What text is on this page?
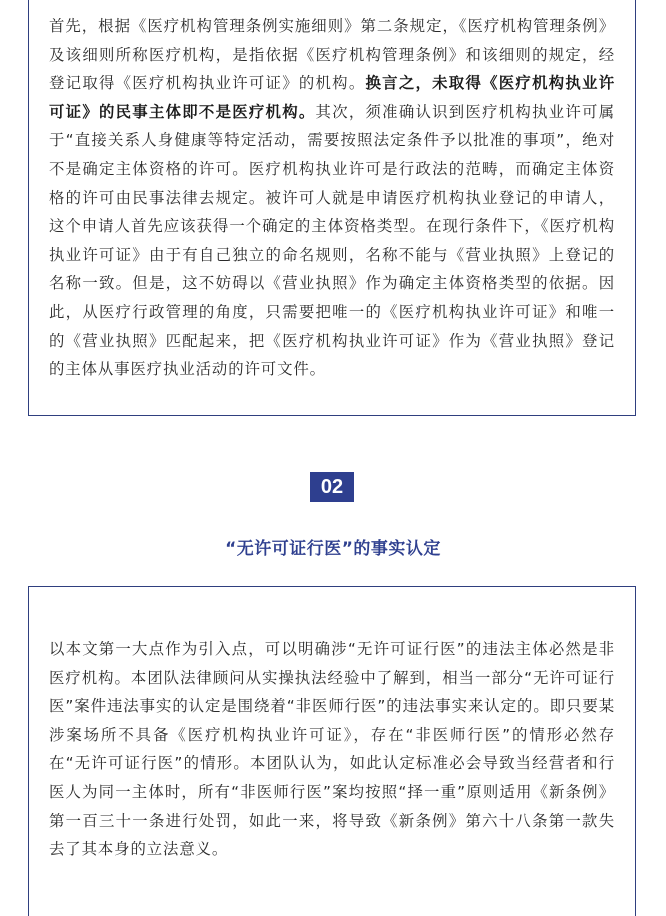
首先，根据《医疗机构管理条例实施细则》第二条规定，《医疗机构管理条例》及该细则所称医疗机构，是指依据《医疗机构管理条例》和该细则的规定，经登记取得《医疗机构执业许可证》的机构。换言之，未取得《医疗机构执业许可证》的民事主体即不是医疗机构。其次，须准确认识到医疗机构执业许可属于“直接关系人身健康等特定活动，需要按照法定条件予以批准的事项”，绝对不是确定主体资格的许可。医疗机构执业许可是行政法的范畴，而确定主体资格的许可由民事法律去规定。被许可人就是申请医疗机构执业登记的申请人，这个申请人首先应该获得一个确定的主体资格类型。在现行条件下，《医疗机构执业许可证》由于有自己独立的命名规则，名称不能与《营业执照》上登记的名称一致。但是，这不妨碍以《营业执照》作为确定主体资格类型的依据。因此，从医疗行政管理的角度，只需要把唯一的《医疗机构执业许可证》和唯一的《营业执照》匹配起来，把《医疗机构执业许可证》作为《营业执照》登记的主体从事医疗执业活动的许可文件。

02
“无许可证行医”的事实认定

以本文第一大点作为引入点，可以明确涉“无许可证行医”的违法主体必然是非医疗机构。本团队法律顾问从实操执法经验中了解到，相当一部分“无许可证行医”案件违法事实的认定是围绕着“非医师行医”的违法事实来认定的。即只要某涉案场所不具备《医疗机构执业许可证》，存在“非医师行医”的情形必然存在“无许可证行医”的情形。本团队认为，如此认定标准必会导致当经营者和行医人为同一主体时，所有“非医师行医”案均按照“择一重”原则适用《新条例》第一百三十一条进行处罚，如此一来，将导致《新条例》第六十八条第一款失去了其本身的立法意义。
